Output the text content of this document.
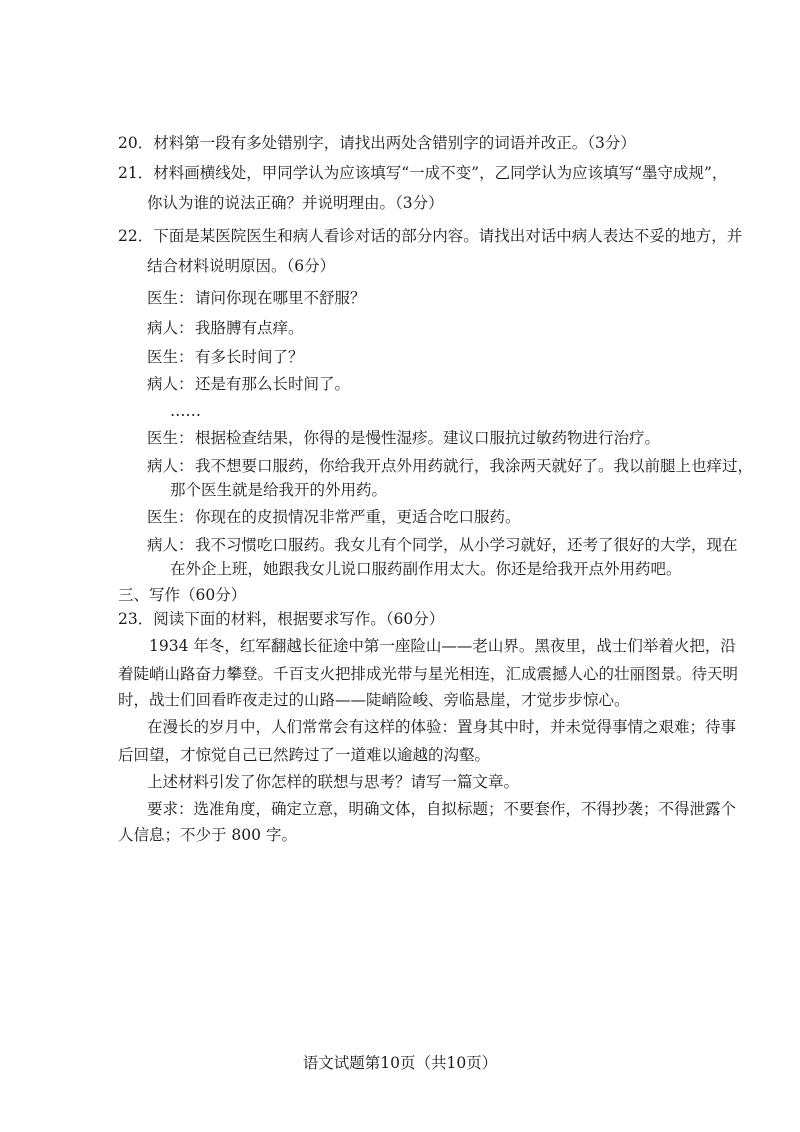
20．材料第一段有多处错别字，请找出两处含错别字的词语并改正。（3分）
21．材料画横线处，甲同学认为应该填写“一成不变”，乙同学认为应该填写“墨守成规”，
你认为谁的说法正确？并说明理由。（3分）
22．下面是某医院医生和病人看诊对话的部分内容。请找出对话中病人表达不妥的地方，并
结合材料说明原因。（6分）
医生： 请问你现在哪里不舒服？
病人： 我胳膊有点痒。
医生： 有多长时间了？
病人： 还是有那么长时间了。
……
医生： 根据检查结果，你得的是慢性湿疹。建议口服抗过敏药物进行治疗。
病人： 我不想要口服药，你给我开点外用药就行，我涂两天就好了。我以前腿上也痒过，
那个医生就是给我开的外用药。
医生： 你现在的皮损情况非常严重，更适合吃口服药。
病人： 我不习惯吃口服药。我女儿有个同学，从小学习就好，还考了很好的大学，现在
在外企上班，她跟我女儿说口服药副作用太大。你还是给我开点外用药吧。
三、写作（60分）
23．阅读下面的材料，根据要求写作。（60分）
1934 年冬，红军翻越长征途中第一座险山——老山界。黑夜里，战士们举着火把，沿
着陡峭山路奋力攀登。千百支火把排成光带与星光相连，汇成震撼人心的壮丽图景。待天明
时，战士们回看昨夜走过的山路——陡峭险峻、旁临悬崖，才觉步步惊心。
在漫长的岁月中，人们常常会有这样的体验：置身其中时，并未觉得事情之艰难；待事
后回望，才惊觉自己已然跨过了一道难以逾越的沟壑。
上述材料引发了你怎样的联想与思考？请写一篇文章。
要求：选准角度，确定立意，明确文体，自拟标题；不要套作，不得抄袭；不得泄露个
人信息；不少于 800 字。
语文试题第10页（共10页）
